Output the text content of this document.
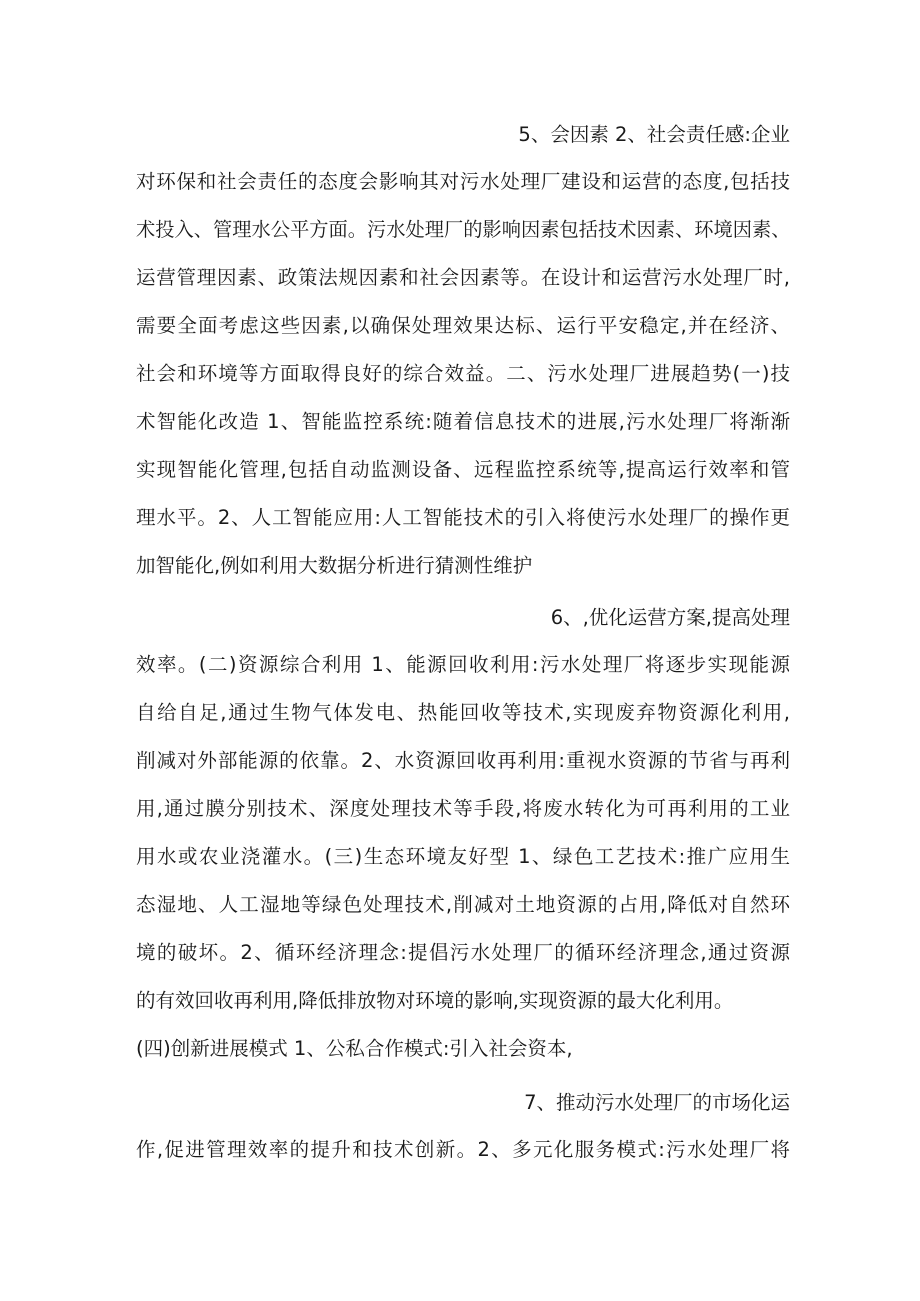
5、会因素 2、社会责任感:企业
对环保和社会责任的态度会影响其对污水处理厂建设和运营的态度,包括技
术投入、管理水公平方面。污水处理厂的影响因素包括技术因素、环境因素、
运营管理因素、政策法规因素和社会因素等。在设计和运营污水处理厂时,
需要全面考虑这些因素,以确保处理效果达标、运行平安稳定,并在经济、
社会和环境等方面取得良好的综合效益。二、污水处理厂进展趋势(一)技
术智能化改造 1、智能监控系统:随着信息技术的进展,污水处理厂将渐渐
实现智能化管理,包括自动监测设备、远程监控系统等,提高运行效率和管
理水平。2、人工智能应用:人工智能技术的引入将使污水处理厂的操作更
加智能化,例如利用大数据分析进行猜测性维护
6、,优化运营方案,提高处理
效率。(二)资源综合利用 1、能源回收利用:污水处理厂将逐步实现能源
自给自足,通过生物气体发电、热能回收等技术,实现废弃物资源化利用,
削减对外部能源的依靠。2、水资源回收再利用:重视水资源的节省与再利
用,通过膜分别技术、深度处理技术等手段,将废水转化为可再利用的工业
用水或农业浇灌水。(三)生态环境友好型 1、绿色工艺技术:推广应用生
态湿地、人工湿地等绿色处理技术,削减对土地资源的占用,降低对自然环
境的破坏。2、循环经济理念:提倡污水处理厂的循环经济理念,通过资源
的有效回收再利用,降低排放物对环境的影响,实现资源的最大化利用。
(四)创新进展模式 1、公私合作模式:引入社会资本,
7、推动污水处理厂的市场化运
作,促进管理效率的提升和技术创新。2、多元化服务模式:污水处理厂将
